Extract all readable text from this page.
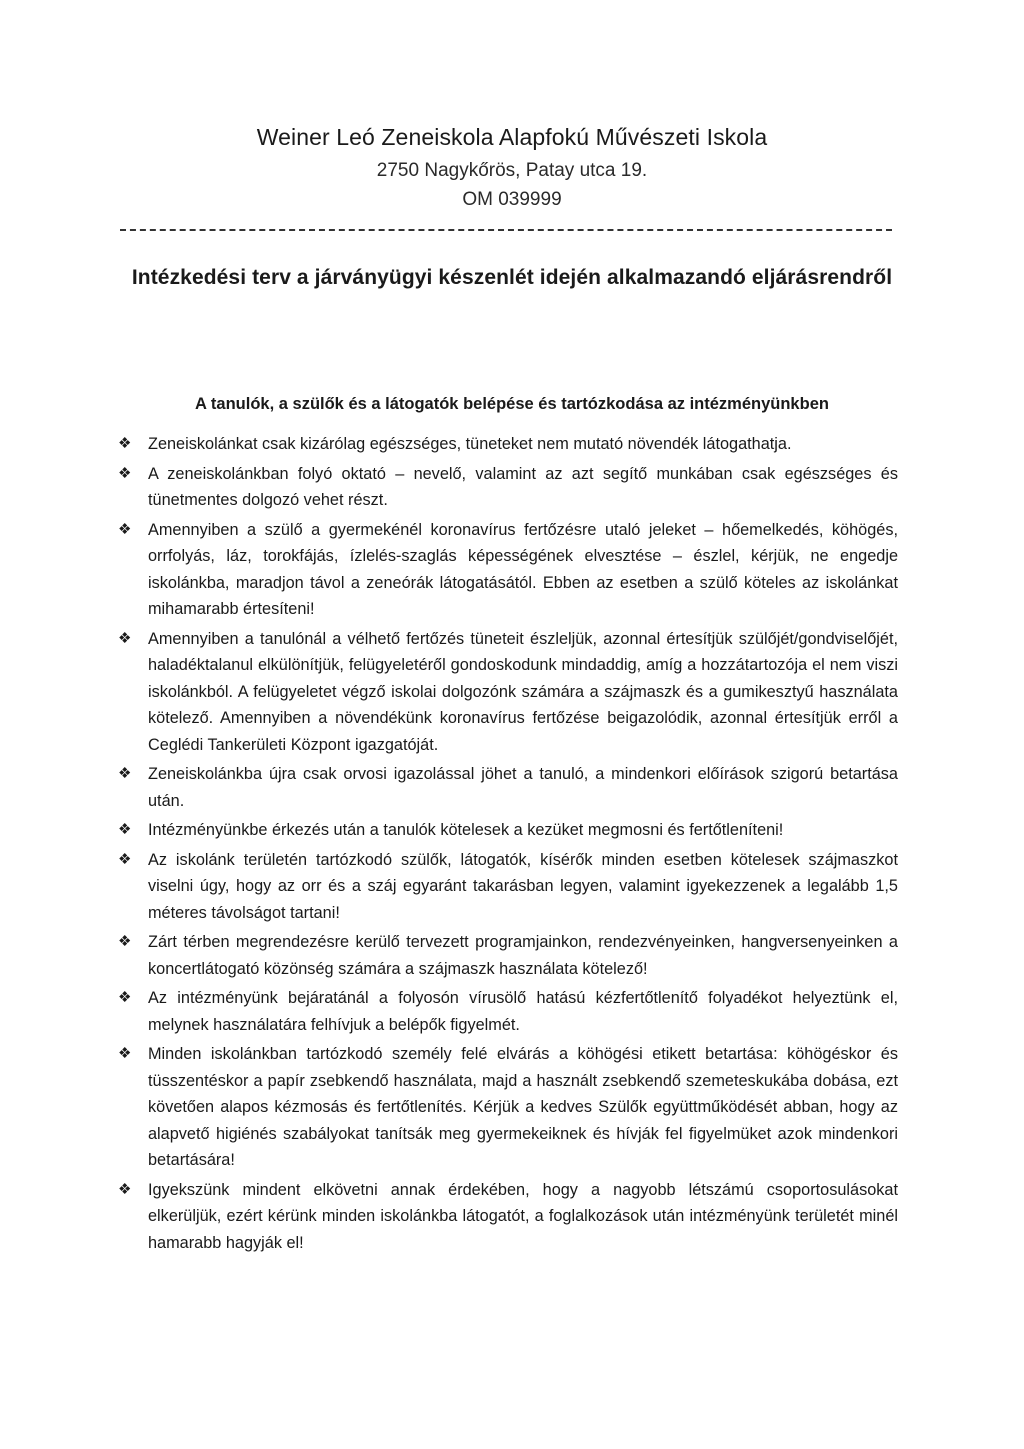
Weiner Leó Zeneiskola Alapfokú Művészeti Iskola

2750 Nagykőrös, Patay utca 19.

OM 039999

Intézkedési terv a járványügyi készenlét idején alkalmazandó eljárásrendről
A tanulók, a szülők és a látogatók belépése és tartózkodása az intézményünkben
❖	Zeneiskolánkat csak kizárólag egészséges, tüneteket nem mutató növendék látogathatja.
❖	A zeneiskolánkban folyó oktató – nevelő, valamint az azt segítő munkában csak egészséges és tünetmentes dolgozó vehet részt.
❖	Amennyiben a szülő a gyermekénél koronavírus fertőzésre utaló jeleket – hőemelkedés, köhögés, orrfolyás, láz, torokfájás, ízlelés-szaglás képességének elvesztése – észlel, kérjük, ne engedje iskolánkba, maradjon távol a zeneórák látogatásától. Ebben az esetben a szülő köteles az iskolánkat mihamarabb értesíteni!
❖	Amennyiben a tanulónál a vélhető fertőzés tüneteit észleljük, azonnal értesítjük szülőjét/gondviselőjét, haladéktalanul elkülönítjük, felügyeletéről gondoskodunk mindaddig, amíg a hozzátartozója el nem viszi iskolánkból. A felügyeletet végző iskolai dolgozónk számára a szájmaszk és a gumikesztyű használata kötelező. Amennyiben a növendékünk koronavírus fertőzése beigazolódik, azonnal értesítjük erről a Ceglédi Tankerületi Központ igazgatóját.
❖	Zeneiskolánkba újra csak orvosi igazolással jöhet a tanuló, a mindenkori előírások szigorú betartása után.
❖	Intézményünkbe érkezés után a tanulók kötelesek a kezüket megmosni és fertőtleníteni!
❖	Az iskolánk területén tartózkodó szülők, látogatók, kísérők minden esetben kötelesek szájmaszkot viselni úgy, hogy az orr és a száj egyaránt takarásban legyen, valamint igyekezzenek a legalább 1,5 méteres távolságot tartani!
❖	Zárt térben megrendezésre kerülő tervezett programjainkon, rendezvényeinken, hangversenyeinken a koncertlátogató közönség számára a szájmaszk használata kötelező!
❖	Az intézményünk bejáratánál a folyosón vírusölő hatású kézfertőtlenítő folyadékot helyeztünk el, melynek használatára felhívjuk a belépők figyelmét.
❖	Minden iskolánkban tartózkodó személy felé elvárás a köhögési etikett betartása: köhögéskor és tüsszentéskor a papír zsebkendő használata, majd a használt zsebkendő szemeteskukába dobása, ezt követően alapos kézmosás és fertőtlenítés. Kérjük a kedves Szülők együttműködését abban, hogy az alapvető higiénés szabályokat tanítsák meg gyermekeiknek és hívják fel figyelmüket azok mindenkori betartására!
❖	Igyekszünk mindent elkövetni annak érdekében, hogy a nagyobb létszámú csoportosulásokat elkerüljük, ezért kérünk minden iskolánkba látogatót, a foglalkozások után intézményünk területét minél hamarabb hagyják el!
